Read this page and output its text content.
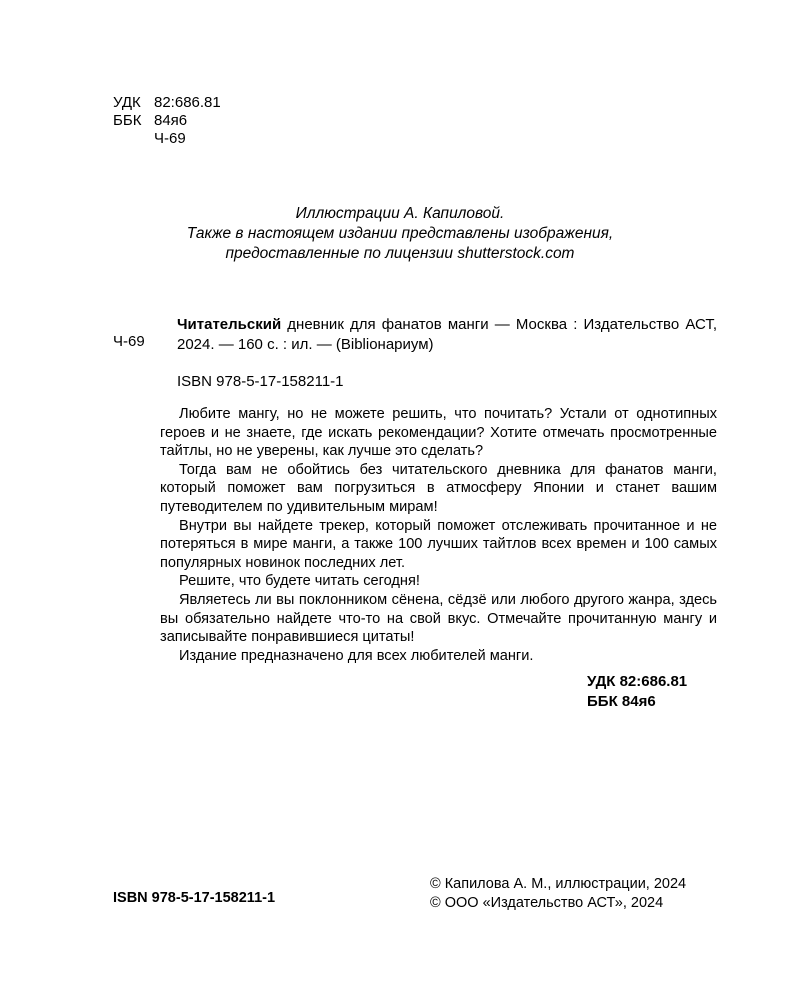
УДК 82:686.81
ББК 84я6
Ч-69
Иллюстрации А. Капиловой.
Также в настоящем издании представлены изображения,
предоставленные по лицензии shutterstock.com
Ч-69
Читательский дневник для фанатов манги — Москва : Издательство АСТ, 2024. — 160 с. : ил. — (Bibliонариум)
ISBN 978-5-17-158211-1

Любите мангу, но не можете решить, что почитать? Устали от однотипных героев и не знаете, где искать рекомендации? Хотите отмечать просмотренные тайтлы, но не уверены, как лучше это сделать?

Тогда вам не обойтись без читательского дневника для фанатов манги, который поможет вам погрузиться в атмосферу Японии и станет вашим путеводителем по удивительным мирам!

Внутри вы найдете трекер, который поможет отслеживать прочитанное и не потеряться в мире манги, а также 100 лучших тайтлов всех времен и 100 самых популярных новинок последних лет.

Решите, что будете читать сегодня!

Являетесь ли вы поклонником сёнена, сёдзё или любого другого жанра, здесь вы обязательно найдете что-то на свой вкус. Отмечайте прочитанную мангу и записывайте понравившиеся цитаты!

Издание предназначено для всех любителей манги.

УДК 82:686.81
ББК 84я6
ISBN 978-5-17-158211-1
© Капилова А. М., иллюстрации, 2024
© ООО «Издательство АСТ», 2024
